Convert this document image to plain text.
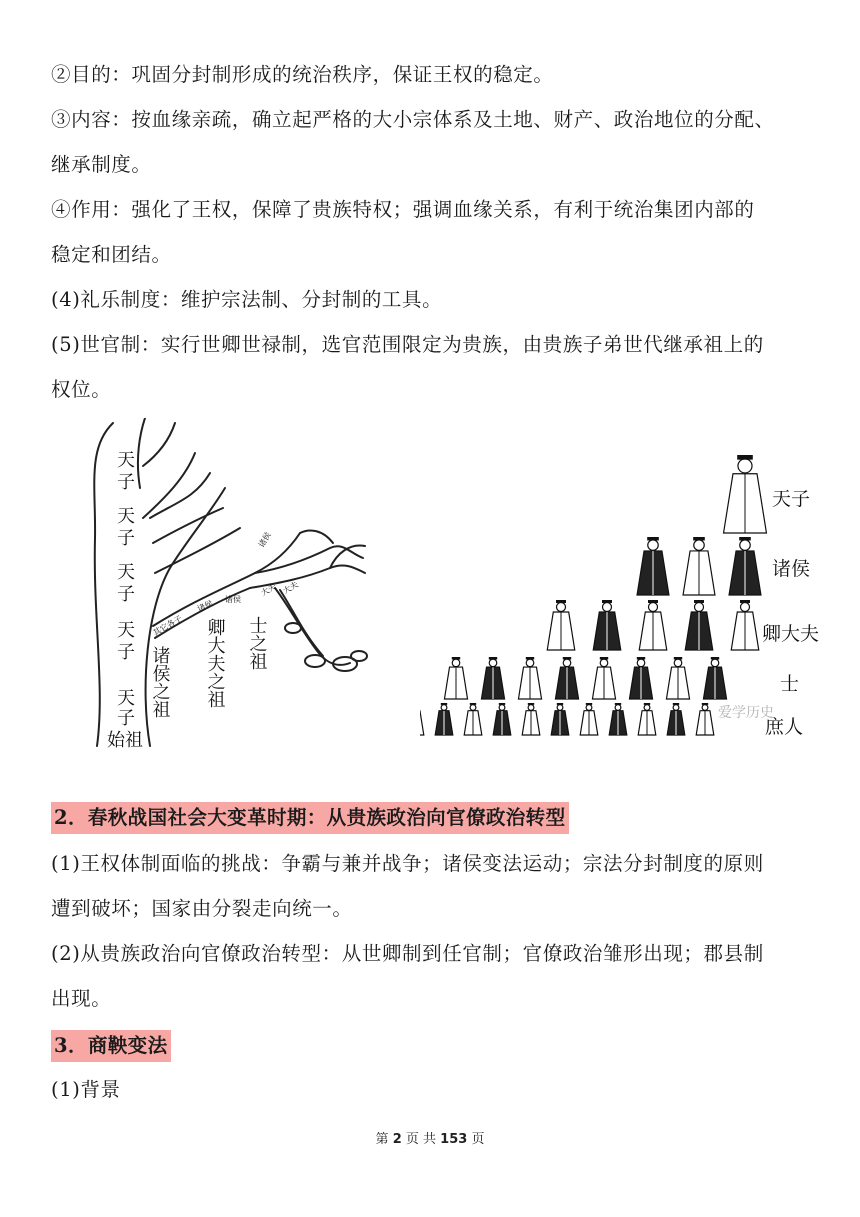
②目的：巩固分封制形成的统治秩序，保证王权的稳定。
③内容：按血缘亲疏，确立起严格的大小宗体系及土地、财产、政治地位的分配、
继承制度。
④作用：强化了王权，保障了贵族特权；强调血缘关系，有利于统治集团内部的
稳定和团结。
(4)礼乐制度：维护宗法制、分封制的工具。
(5)世官制：实行世卿世禄制，选官范围限定为贵族，由贵族子弟世代继承祖上的
权位。
天
子
天
子
天
子
天
子
天
子
始 祖
诸侯之祖 卿大夫之祖 士之祖
其它各子
诸侯 诸侯
大夫 大夫
诸侯
天子
诸侯
卿大夫
士
庶人
爱学历史
2．春秋战国社会大变革时期：从贵族政治向官僚政治转型
(1)王权体制面临的挑战：争霸与兼并战争；诸侯变法运动；宗法分封制度的原则
遭到破坏；国家由分裂走向统一。
(2)从贵族政治向官僚政治转型：从世卿制到任官制；官僚政治雏形出现；郡县制
出现。
3．商鞅变法
(1)背景
第 2 页 共 153 页
